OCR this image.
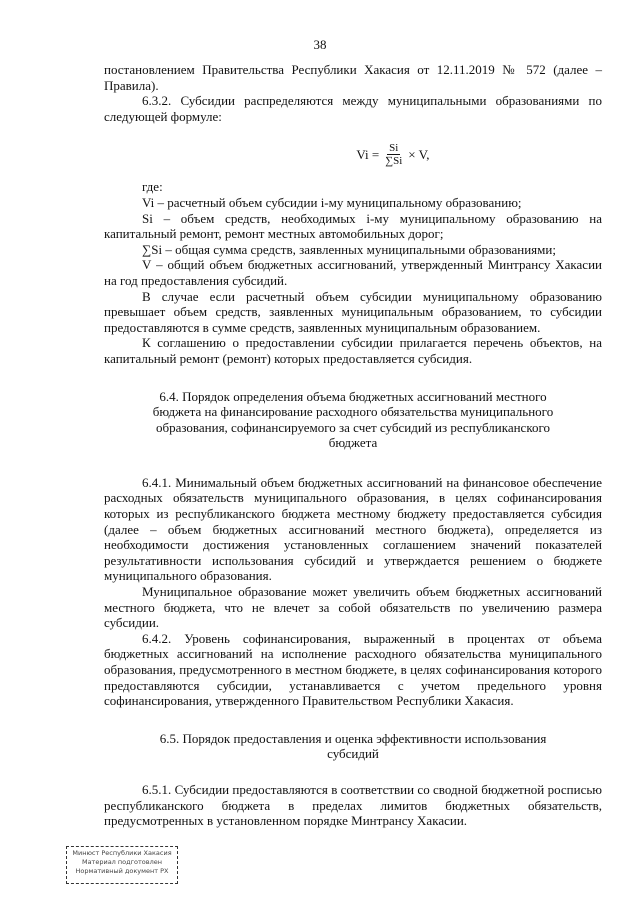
38

постановлением Правительства Республики Хакасия от 12.11.2019 № 572 (далее – Правила).

6.3.2. Субсидии распределяются между муниципальными образованиями по следующей формуле:

$Vi = \frac{Si}{\sum Si} \times V$,

где:

Vi – расчетный объем субсидии i-му муниципальному образованию;

Si – объем средств, необходимых i-му муниципальному образованию на капитальный ремонт, ремонт местных автомобильных дорог;

∑Si – общая сумма средств, заявленных муниципальными образованиями;

V – общий объем бюджетных ассигнований, утвержденный Минтрансу Хакасии на год предоставления субсидий.

В случае если расчетный объем субсидии муниципальному образованию превышает объем средств, заявленных муниципальным образованием, то субсидии предоставляются в сумме средств, заявленных муниципальным образованием.

К соглашению о предоставлении субсидии прилагается перечень объектов, на капитальный ремонт (ремонт) которых предоставляется субсидия.

6.4. Порядок определения объема бюджетных ассигнований местного бюджета на финансирование расходного обязательства муниципального образования, софинансируемого за счет субсидий из республиканского бюджета

6.4.1. Минимальный объем бюджетных ассигнований на финансовое обеспечение расходных обязательств муниципального образования, в целях софинансирования которых из республиканского бюджета местному бюджету предоставляется субсидия (далее – объем бюджетных ассигнований местного бюджета), определяется из необходимости достижения установленных соглашением значений показателей результативности использования субсидий и утверждается решением о бюджете муниципального образования.

Муниципальное образование может увеличить объем бюджетных ассигнований местного бюджета, что не влечет за собой обязательств по увеличению размера субсидии.

6.4.2. Уровень софинансирования, выраженный в процентах от объема бюджетных ассигнований на исполнение расходного обязательства муниципального образования, предусмотренного в местном бюджете, в целях софинансирования которого предоставляются субсидии, устанавливается с учетом предельного уровня софинансирования, утвержденного Правительством Республики Хакасия.

6.5. Порядок предоставления и оценка эффективности использования субсидий

6.5.1. Субсидии предоставляются в соответствии со сводной бюджетной росписью республиканского бюджета в пределах лимитов бюджетных обязательств, предусмотренных в установленном порядке Минтрансу Хакасии.

Минюст Республики Хакасия
Материал подготовлен
Нормативный документ РХ
